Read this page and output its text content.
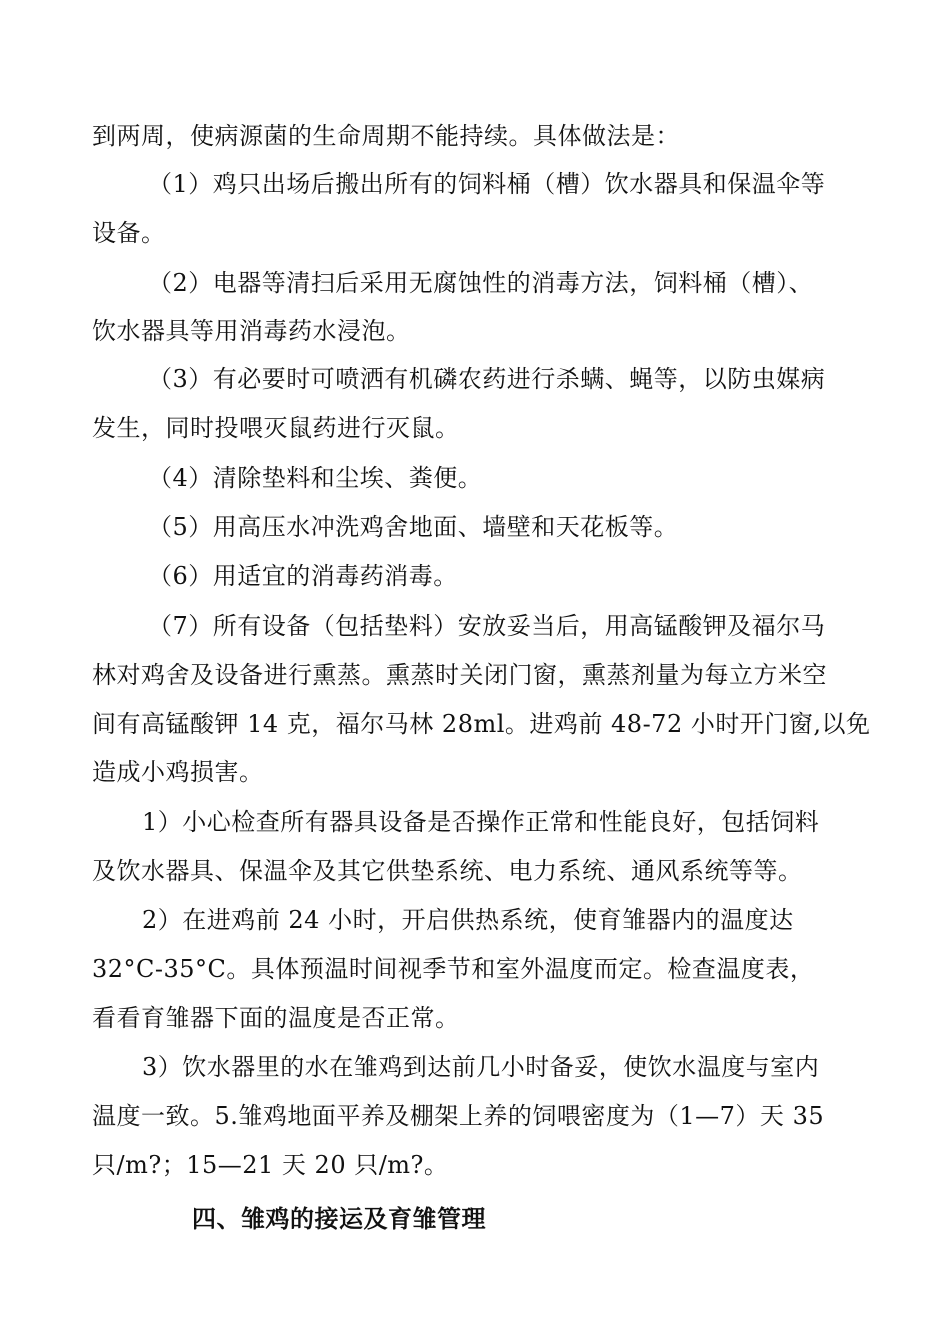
到两周，使病源菌的生命周期不能持续。具体做法是：
（1）鸡只出场后搬出所有的饲料桶（槽）饮水器具和保温伞等
设备。
（2）电器等清扫后采用无腐蚀性的消毒方法，饲料桶（槽）、
饮水器具等用消毒药水浸泡。
（3）有必要时可喷洒有机磷农药进行杀螨、蝇等，以防虫媒病
发生，同时投喂灭鼠药进行灭鼠。
（4）清除垫料和尘埃、粪便。
（5）用高压水冲洗鸡舍地面、墙壁和天花板等。
（6）用适宜的消毒药消毒。
（7）所有设备（包括垫料）安放妥当后，用高锰酸钾及福尔马
林对鸡舍及设备进行熏蒸。熏蒸时关闭门窗，熏蒸剂量为每立方米空
间有高锰酸钾 14 克，福尔马林 28ml。进鸡前 48-72 小时开门窗,以免
造成小鸡损害。
1）小心检查所有器具设备是否操作正常和性能良好，包括饲料
及饮水器具、保温伞及其它供垫系统、电力系统、通风系统等等。
2）在进鸡前 24 小时，开启供热系统，使育雏器内的温度达
32°C-35°C。具体预温时间视季节和室外温度而定。检查温度表，
看看育雏器下面的温度是否正常。
3）饮水器里的水在雏鸡到达前几小时备妥，使饮水温度与室内
温度一致。5.雏鸡地面平养及棚架上养的饲喂密度为（1—7）天 35
只/m?；15—21 天 20 只/m?。
四、雏鸡的接运及育雏管理
